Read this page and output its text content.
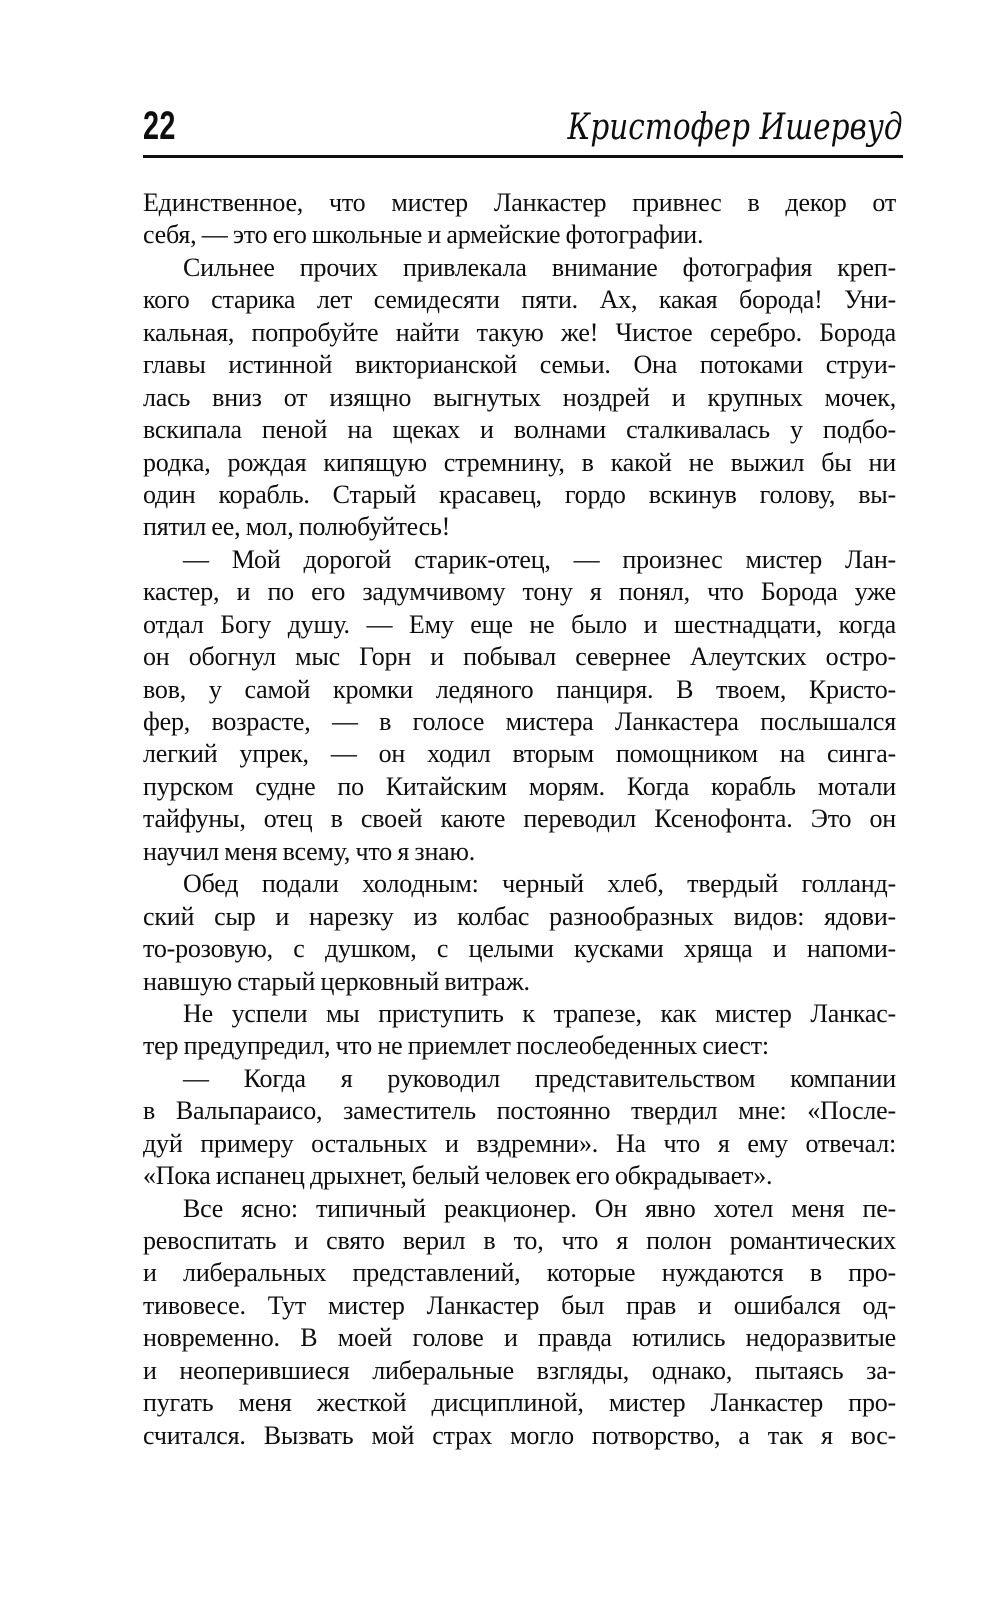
22	Кристофер Ишервуд
Единственное, что мистер Ланкастер привнес в декор от
себя, — это его школьные и армейские фотографии.
Сильнее прочих привлекала внимание фотография креп-
кого старика лет семидесяти пяти. Ах, какая борода! Уни-
кальная, попробуйте найти такую же! Чистое серебро. Борода
главы истинной викторианской семьи. Она потоками струи-
лась вниз от изящно выгнутых ноздрей и крупных мочек,
вскипала пеной на щеках и волнами сталкивалась у подбо-
родка, рождая кипящую стремнину, в какой не выжил бы ни
один корабль. Старый красавец, гордо вскинув голову, вы-
пятил ее, мол, полюбуйтесь!
— Мой дорогой старик-отец, — произнес мистер Лан-
кастер, и по его задумчивому тону я понял, что Борода уже
отдал Богу душу. — Ему еще не было и шестнадцати, когда
он обогнул мыс Горн и побывал севернее Алеутских остро-
вов, у самой кромки ледяного панциря. В твоем, Кристо-
фер, возрасте, — в голосе мистера Ланкастера послышался
легкий упрек, — он ходил вторым помощником на синга-
пурском судне по Китайским морям. Когда корабль мотали
тайфуны, отец в своей каюте переводил Ксенофонта. Это он
научил меня всему, что я знаю.
Обед подали холодным: черный хлеб, твердый голланд-
ский сыр и нарезку из колбас разнообразных видов: ядови-
то-розовую, с душком, с целыми кусками хряща и напоми-
навшую старый церковный витраж.
Не успели мы приступить к трапезе, как мистер Ланкас-
тер предупредил, что не приемлет послеобеденных сиест:
— Когда я руководил представительством компании
в Вальпараисо, заместитель постоянно твердил мне: «После-
дуй примеру остальных и вздремни». На что я ему отвечал:
«Пока испанец дрыхнет, белый человек его обкрадывает».
Все ясно: типичный реакционер. Он явно хотел меня пе-
ревоспитать и свято верил в то, что я полон романтических
и либеральных представлений, которые нуждаются в про-
тивовесе. Тут мистер Ланкастер был прав и ошибался од-
новременно. В моей голове и правда ютились недоразвитые
и неоперившиеся либеральные взгляды, однако, пытаясь за-
пугать меня жесткой дисциплиной, мистер Ланкастер про-
считался. Вызвать мой страх могло потворство, а так я вос-
